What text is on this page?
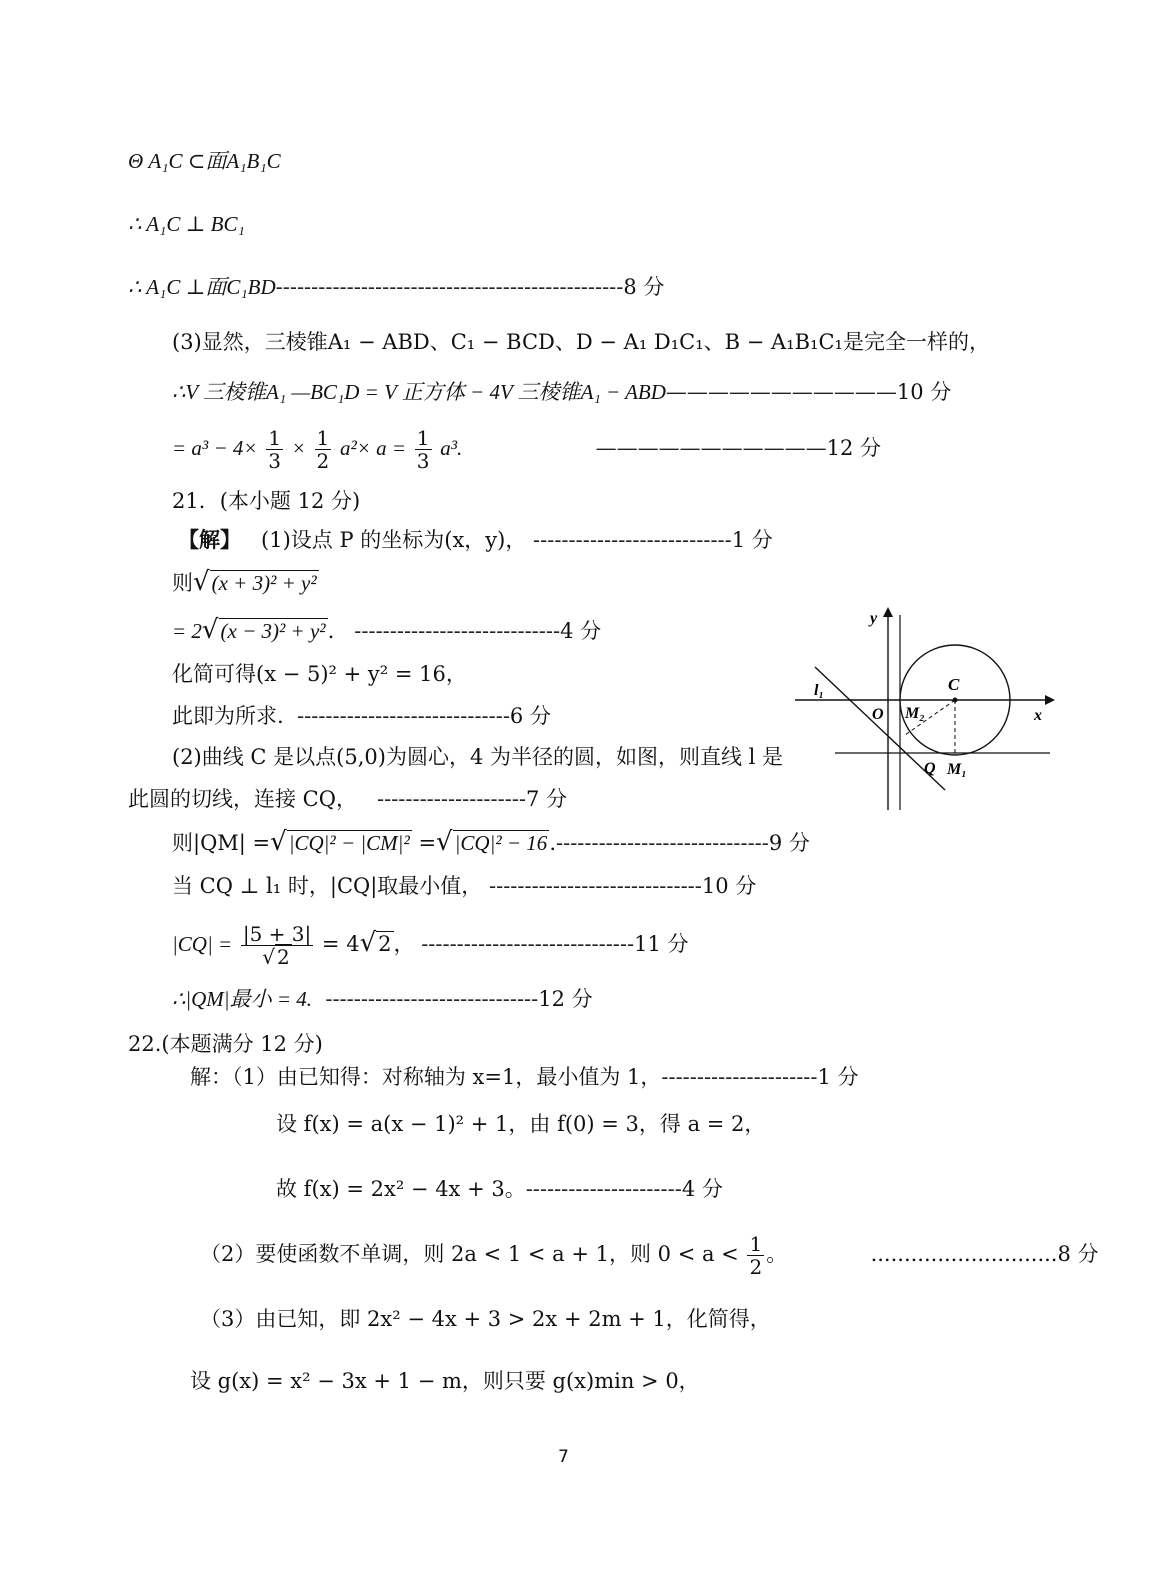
Θ A₁C ⊂面A₁B₁C
∴ A₁C ⊥ BC₁
∴ A₁C ⊥面C₁BD-------------------------------------------------8 分
(3)显然，三棱锥A₁ − ABD、C₁ − BCD、D − A₁ D₁C₁、B − A₁B₁C₁是完全一样的，
∴V 三棱锥A₁ —BC₁D = V 正方体 − 4V 三棱锥A₁ − ABD———————————10 分
= $a^3 - 4\times \frac{1}{3} \times \frac{1}{2} a^2\times a = \frac{1}{3} a^3$.	———————————12 分
21．(本小题 12 分)
【解】 (1)设点 P 的坐标为(x，y)， ----------------------------1 分
则√(x + 3)² + y²
= 2√(x − 3)² + y². -----------------------------4 分
化简可得(x − 5)² + y² = 16，
此即为所求. ------------------------------6 分
(2)曲线 C 是以点(5,0)为圆心，4 为半径的圆，如图，则直线 l 是
此圆的切线，连接 CQ， ---------------------7 分
则|QM| =√|CQ|² − |CM|² =√|CQ|² − 16.------------------------------9 分
当 CQ ⊥ l₁ 时，|CQ|取最小值， ------------------------------10 分
$|CQ| = \frac{|5 + 3|}{√ 2} = 4√2$， ------------------------------11 分
∴|QM|最小 = 4. ------------------------------12 分
22.(本题满分 12 分)
解：（1）由已知得：对称轴为 x=1，最小值为 1，----------------------1 分
设 f(x) = a(x − 1)² + 1，由 f(0) = 3，得 a = 2，
故 f(x) = 2x² − 4x + 3。----------------------4 分
（2）要使函数不单调，则 2a < 1 < a + 1，则 $0 < a < \frac{1}{2}$ 。	............................8 分
（3）由已知，即 2x² − 4x + 3 > 2x + 2m + 1，化简得，
设 g(x) = x² − 3x + 1 − m，则只要 g(x)min > 0，
y
x
C
O M₂
l₁
Q M₁
7
